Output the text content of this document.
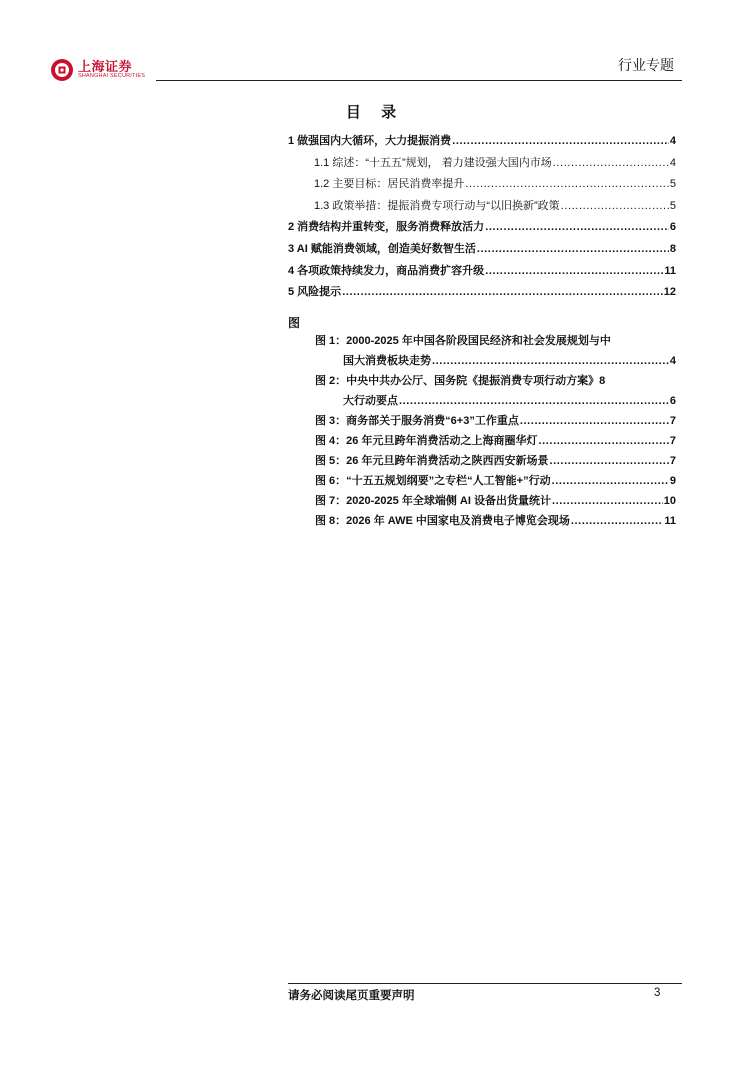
上海证券
SHANGHAI SECURITIES
行业专题
目 录
1 做强国内大循环，大力提振消费 .....	4
1.1 综述：“十五五”规划， 着力建设强大国内市场 .....	4
1.2 主要目标：居民消费率提升 .....	5
1.3 政策举措：提振消费专项行动与“以旧换新”政策 .....	5
2 消费结构并重转变，服务消费释放活力 .....	6
3 AI 赋能消费领域，创造美好数智生活 .....	8
4 各项政策持续发力，商品消费扩容升级 .....	11
5 风险提示 .....	12
图
图 1：2000-2025 年中国各阶段国民经济和社会发展规划与中
国大消费板块走势 .....	4
图 2：中央中共办公厅、国务院《提振消费专项行动方案》8
大行动要点 .....	6
图 3：商务部关于服务消费“6+3”工作重点 .....	7
图 4：26 年元旦跨年消费活动之上海商圈华灯 .....	7
图 5：26 年元旦跨年消费活动之陕西西安新场景 .....	7
图 6：“十五五规划纲要”之专栏“人工智能+”行动 .....	9
图 7：2020-2025 年全球端侧 AI 设备出货量统计 .....	10
图 8：2026 年 AWE 中国家电及消费电子博览会现场 .....	11
请务必阅读尾页重要声明	3
